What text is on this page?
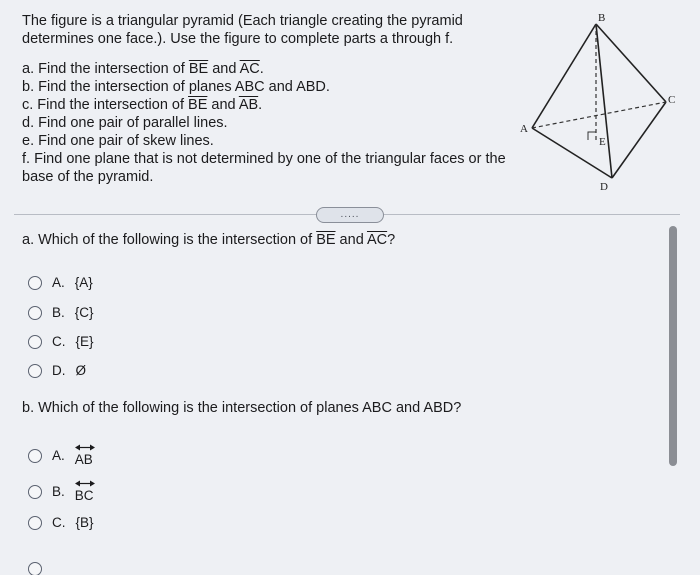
The figure is a triangular pyramid (Each triangle creating the pyramid determines one face.). Use the figure to complete parts a through f.

a. Find the intersection of $\overline{BE}$ and $\overline{AC}$.
b. Find the intersection of planes ABC and ABD.
c. Find the intersection of $\overline{BE}$ and $\overline{AB}$.
d. Find one pair of parallel lines.
e. Find one pair of skew lines.
f. Find one plane that is not determined by one of the triangular faces or the base of the pyramid.
B
C
A
E
D
.....
a. Which of the following is the intersection of $\overline{BE}$ and $\overline{AC}$?
A. {A}
B. {C}
C. {E}
D. Ø
b. Which of the following is the intersection of planes ABC and ABD?
A. AB
B. BC
C. {B}
